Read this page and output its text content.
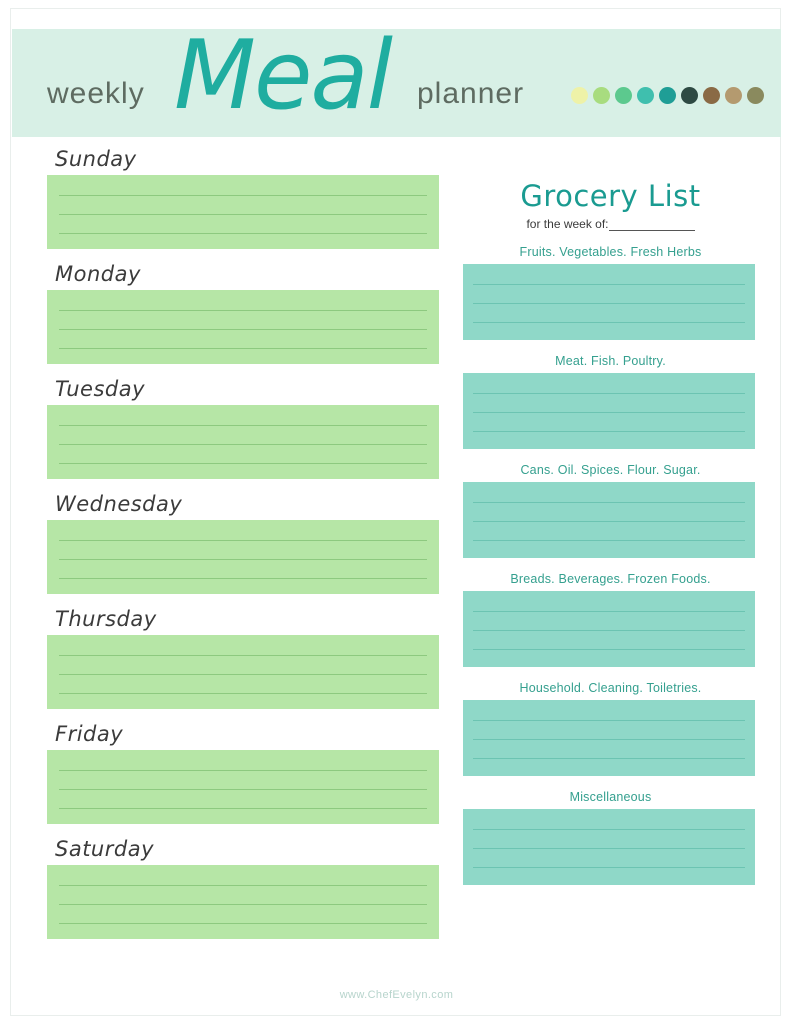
weekly Meal planner
Sunday
Monday
Tuesday
Wednesday
Thursday
Friday
Saturday
Grocery List
for the week of:
Fruits. Vegetables. Fresh Herbs
Meat. Fish. Poultry.
Cans. Oil. Spices. Flour. Sugar.
Breads. Beverages. Frozen Foods.
Household. Cleaning. Toiletries.
Miscellaneous
www.ChefEvelyn.com
